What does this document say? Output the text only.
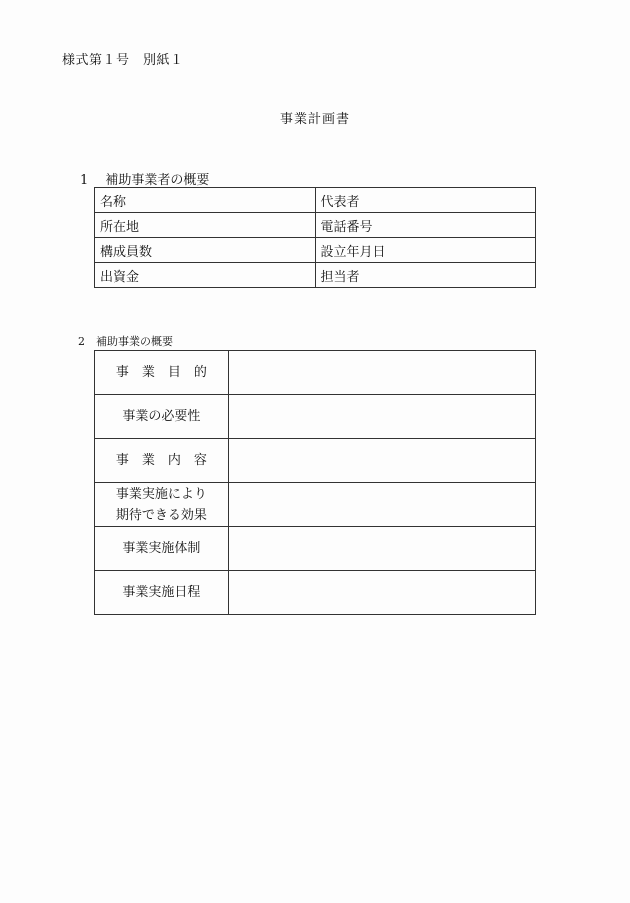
様式第１号　別紙１
事業計画書
1　 補助事業者の概要
名称	代表者
所在地	電話番号
構成員数	設立年月日
出資金	担当者
2　補助事業の概要
事　業　目　的	
事業の必要性	
事　業　内　容	
事業実施により
期待できる効果	
事業実施体制	
事業実施日程	
